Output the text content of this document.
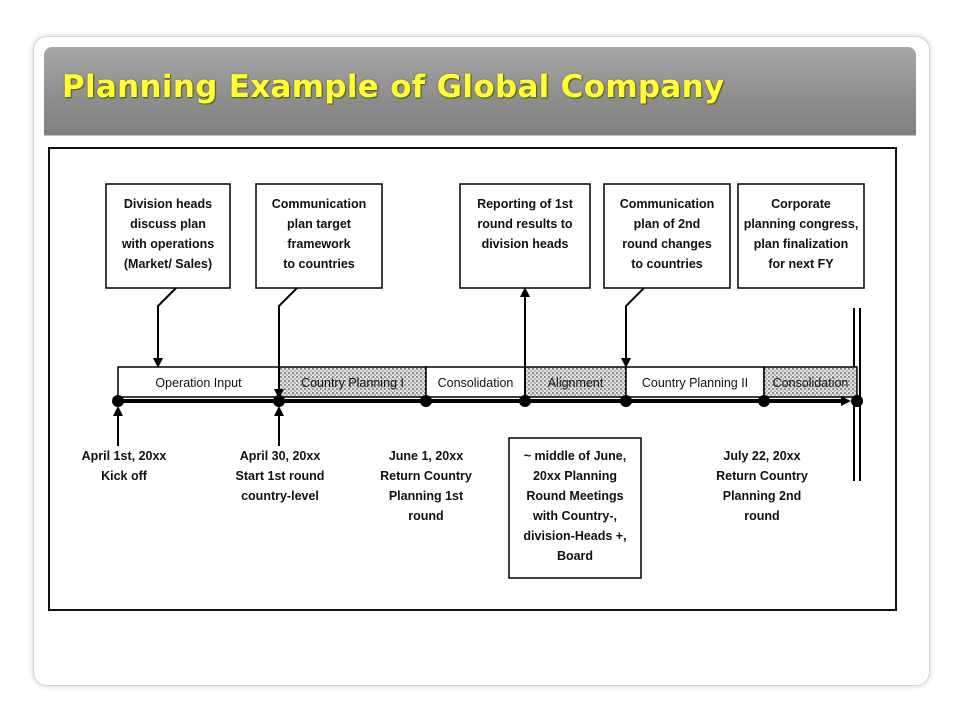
Planning Example of Global Company
Operation Input	Country Planning I	Consolidation	Alignment	Country Planning II Consolidation
Division heads discuss plan with operations (Market/ Sales)
Communication plan target framework to countries
Reporting of 1st round results to division heads
Communication plan of 2nd round changes to countries
Corporate planning congress, plan finalization for next FY
April 1st, 20xx Kick off
April 30, 20xx Start 1st round country-level
June 1, 20xx Return Country Planning 1st round
~ middle of June, 20xx Planning Round Meetings with Country-, division-Heads +, Board
July 22, 20xx Return Country Planning 2nd round
